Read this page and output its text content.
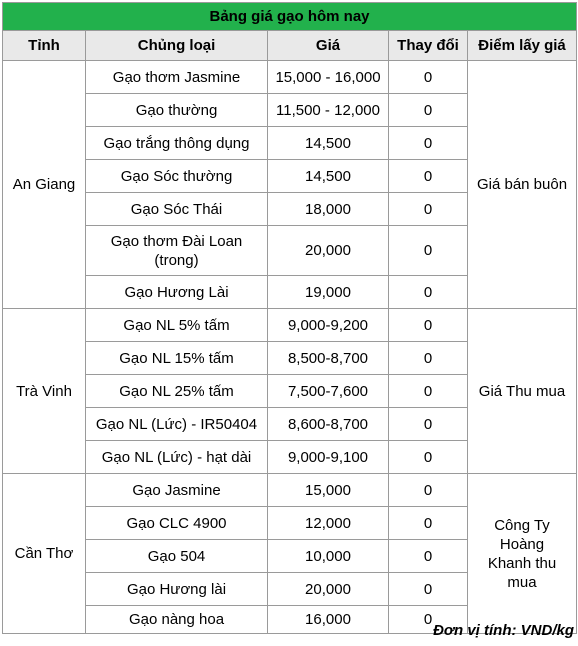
Bảng giá gạo hôm nay				
Tỉnh	Chủng loại	Giá	Thay đổi	Điểm lấy giá
An Giang	Gạo thơm Jasmine	15,000 - 16,000	0	Giá bán buôn
	Gạo thường	11,500 - 12,000	0	
	Gạo trắng thông dụng	14,500	0	
	Gạo Sóc thường	14,500	0	
	Gạo Sóc Thái	18,000	0	
	Gạo thơm Đài Loan (trong)	20,000	0	
	Gạo Hương Lài	19,000	0	
Trà Vinh	Gạo NL 5% tấm	9,000-9,200	0	Giá Thu mua
	Gạo NL 15% tấm	8,500-8,700	0	
	Gạo NL 25% tấm	7,500-7,600	0	
	Gạo NL (Lức) - IR50404	8,600-8,700	0	
	Gạo NL (Lức) - hạt dài	9,000-9,100	0	
Cần Thơ	Gạo Jasmine	15,000	0	Công Ty Hoàng Khanh thu mua
	Gạo CLC 4900	12,000	0	
	Gạo 504	10,000	0	
	Gạo Hương lài	20,000	0	
	Gạo nàng hoa	16,000	0	
Đơn vị tính: VND/kg
